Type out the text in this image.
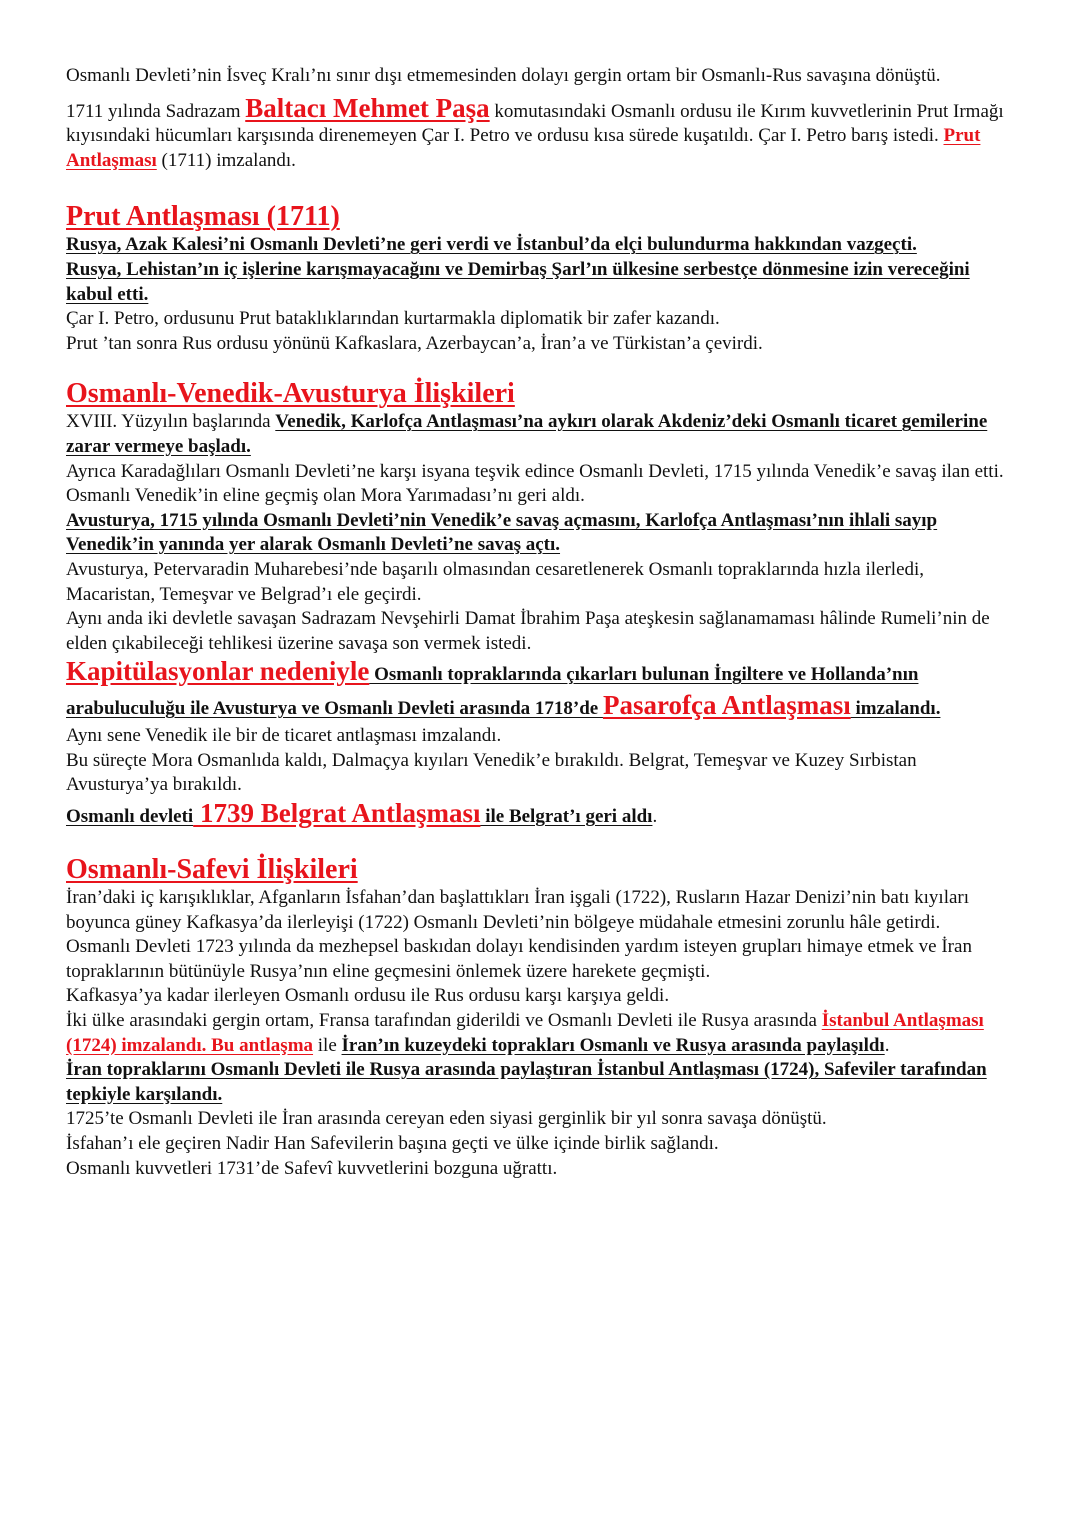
Osmanlı Devleti’nin İsveç Kralı’nı sınır dışı etmemesinden dolayı gergin ortam bir Osmanlı-Rus savaşına dönüştü.

1711 yılında Sadrazam Baltacı Mehmet Paşa komutasındaki Osmanlı ordusu ile Kırım kuvvetlerinin Prut Irmağı kıyısındaki hücumları karşısında direnemeyen Çar I. Petro ve ordusu kısa sürede kuşatıldı. Çar I. Petro barış istedi. Prut Antlaşması (1711) imzalandı.

Prut Antlaşması (1711)

Rusya, Azak Kalesi’ni Osmanlı Devleti’ne geri verdi ve İstanbul’da elçi bulundurma hakkından vazgeçti.

Rusya, Lehistan’ın iç işlerine karışmayacağını ve Demirbaş Şarl’ın ülkesine serbestçe dönmesine izin vereceğini kabul etti.

Çar I. Petro, ordusunu Prut bataklıklarından kurtarmakla diplomatik bir zafer kazandı.

Prut ’tan sonra Rus ordusu yönünü Kafkaslara, Azerbaycan’a, İran’a ve Türkistan’a çevirdi.

Osmanlı-Venedik-Avusturya İlişkileri

XVIII. Yüzyılın başlarında Venedik, Karlofça Antlaşması’na aykırı olarak Akdeniz’deki Osmanlı ticaret gemilerine zarar vermeye başladı.

Ayrıca Karadağlıları Osmanlı Devleti’ne karşı isyana teşvik edince Osmanlı Devleti, 1715 yılında Venedik’e savaş ilan etti.

Osmanlı Venedik’in eline geçmiş olan Mora Yarımadası’nı geri aldı.

Avusturya, 1715 yılında Osmanlı Devleti’nin Venedik’e savaş açmasını, Karlofça Antlaşması’nın ihlali sayıp Venedik’in yanında yer alarak Osmanlı Devleti’ne savaş açtı.

Avusturya, Petervaradin Muharebesi’nde başarılı olmasından cesaretlenerek Osmanlı topraklarında hızla ilerledi, Macaristan, Temeşvar ve Belgrad’ı ele geçirdi.

Aynı anda iki devletle savaşan Sadrazam Nevşehirli Damat İbrahim Paşa ateşkesin sağlanamaması hâlinde Rumeli’nin de elden çıkabileceği tehlikesi üzerine savaşa son vermek istedi.

Kapitülasyonlar nedeniyle Osmanlı topraklarında çıkarları bulunan İngiltere ve Hollanda’nın arabuluculuğu ile Avusturya ve Osmanlı Devleti arasında 1718’de Pasarofça Antlaşması imzalandı.

Aynı sene Venedik ile bir de ticaret antlaşması imzalandı.

Bu süreçte Mora Osmanlıda kaldı, Dalmaçya kıyıları Venedik’e bırakıldı. Belgrat, Temeşvar ve Kuzey Sırbistan Avusturya’ya bırakıldı.

Osmanlı devleti 1739 Belgrat Antlaşması ile Belgrat’ı geri aldı.

Osmanlı-Safevi İlişkileri

İran’daki iç karışıklıklar, Afganların İsfahan’dan başlattıkları İran işgali (1722), Rusların Hazar Denizi’nin batı kıyıları boyunca güney Kafkasya’da ilerleyişi (1722) Osmanlı Devleti’nin bölgeye müdahale etmesini zorunlu hâle getirdi.

Osmanlı Devleti 1723 yılında da mezhepsel baskıdan dolayı kendisinden yardım isteyen grupları himaye etmek ve İran topraklarının bütünüyle Rusya’nın eline geçmesini önlemek üzere harekete geçmişti.

Kafkasya’ya kadar ilerleyen Osmanlı ordusu ile Rus ordusu karşı karşıya geldi.

İki ülke arasındaki gergin ortam, Fransa tarafından giderildi ve Osmanlı Devleti ile Rusya arasında İstanbul Antlaşması (1724) imzalandı. Bu antlaşma ile İran’ın kuzeydeki toprakları Osmanlı ve Rusya arasında paylaşıldı.

İran topraklarını Osmanlı Devleti ile Rusya arasında paylaştıran İstanbul Antlaşması (1724), Safeviler tarafından tepkiyle karşılandı.

1725’te Osmanlı Devleti ile İran arasında cereyan eden siyasi gerginlik bir yıl sonra savaşa dönüştü.

İsfahan’ı ele geçiren Nadir Han Safevilerin başına geçti ve ülke içinde birlik sağlandı.

Osmanlı kuvvetleri 1731’de Safevî kuvvetlerini bozguna uğrattı.
